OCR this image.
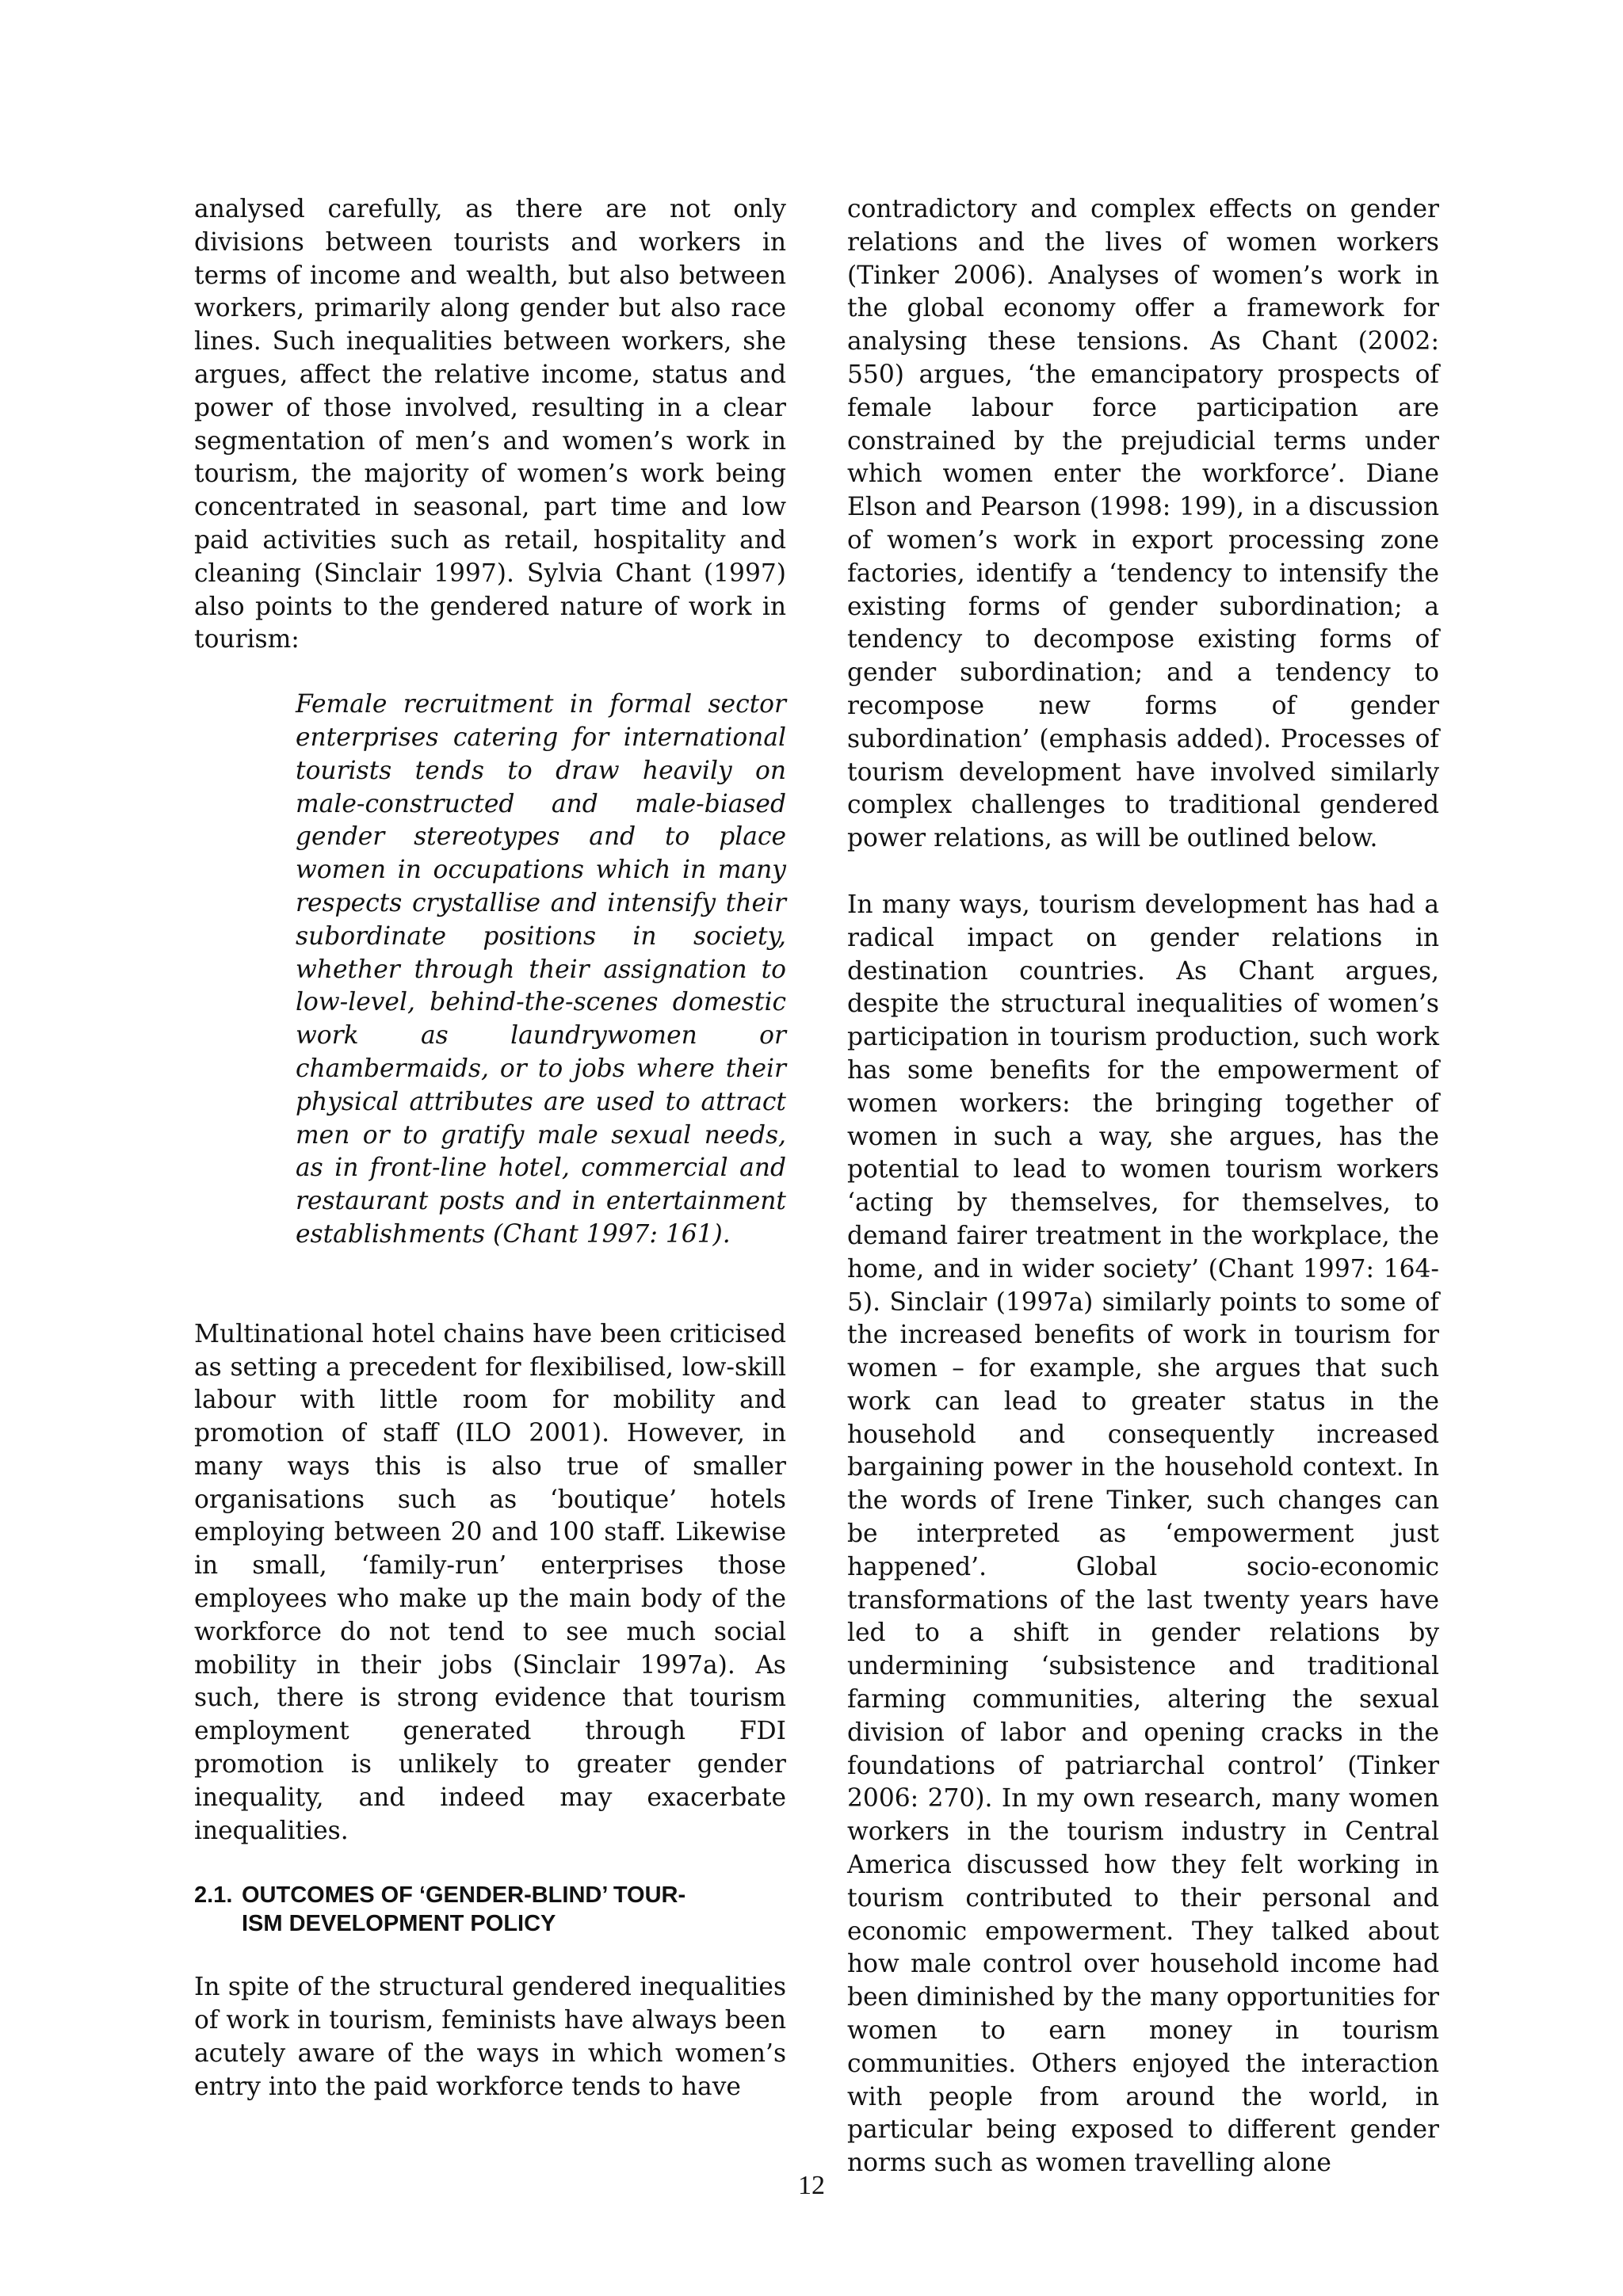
analysed carefully, as there are not only divisions between tourists and workers in terms of income and wealth, but also between workers, primarily along gender but also race lines. Such inequalities between workers, she argues, affect the relative income, status and power of those involved, resulting in a clear segmentation of men’s and women’s work in tourism, the majority of women’s work being concentrated in seasonal, part time and low paid activities such as retail, hospitality and cleaning (Sinclair 1997). Sylvia Chant (1997) also points to the gendered nature of work in tourism:

Female recruitment in formal sector enterprises catering for international tourists tends to draw heavily on male-constructed and male-biased gender stereotypes and to place women in occupations which in many respects crystallise and intensify their subordinate positions in society, whether through their assignation to low-level, behind-the-scenes domestic work as laundrywomen or chambermaids, or to jobs where their physical attributes are used to attract men or to gratify male sexual needs, as in front-line hotel, commercial and restaurant posts and in entertainment establishments (Chant 1997: 161).

Multinational hotel chains have been criticised as setting a precedent for flexibilised, low-skill labour with little room for mobility and promotion of staff (ILO 2001). However, in many ways this is also true of smaller organisations such as ‘boutique’ hotels employing between 20 and 100 staff. Likewise in small, ‘family-run’ enterprises those employees who make up the main body of the workforce do not tend to see much social mobility in their jobs (Sinclair 1997a). As such, there is strong evidence that tourism employment generated through FDI promotion is unlikely to greater gender inequality, and indeed may exacerbate inequalities.

2.1. OUTCOMES OF ‘GENDER-BLIND’ TOUR-
ISM DEVELOPMENT POLICY

In spite of the structural gendered inequalities of work in tourism, feminists have always been acutely aware of the ways in which women’s entry into the paid workforce tends to have

contradictory and complex effects on gender relations and the lives of women workers (Tinker 2006). Analyses of women’s work in the global economy offer a framework for analysing these tensions. As Chant (2002: 550) argues, ‘the emancipatory prospects of female labour force participation are constrained by the prejudicial terms under which women enter the workforce’. Diane Elson and Pearson (1998: 199), in a discussion of women’s work in export processing zone factories, identify a ‘tendency to intensify the existing forms of gender subordination; a tendency to decompose existing forms of gender subordination; and a tendency to recompose new forms of gender subordination’ (emphasis added). Processes of tourism development have involved similarly complex challenges to traditional gendered power relations, as will be outlined below.

In many ways, tourism development has had a radical impact on gender relations in destination countries. As Chant argues, despite the structural inequalities of women’s participation in tourism production, such work has some benefits for the empowerment of women workers: the bringing together of women in such a way, she argues, has the potential to lead to women tourism workers ‘acting by themselves, for themselves, to demand fairer treatment in the workplace, the home, and in wider society’ (Chant 1997: 164-5). Sinclair (1997a) similarly points to some of the increased benefits of work in tourism for women – for example, she argues that such work can lead to greater status in the household and consequently increased bargaining power in the household context. In the words of Irene Tinker, such changes can be interpreted as ‘empowerment just happened’. Global socio-economic transformations of the last twenty years have led to a shift in gender relations by undermining ‘subsistence and traditional farming communities, altering the sexual division of labor and opening cracks in the foundations of patriarchal control’ (Tinker 2006: 270). In my own research, many women workers in the tourism industry in Central America discussed how they felt working in tourism contributed to their personal and economic empowerment. They talked about how male control over household income had been diminished by the many opportunities for women to earn money in tourism communities. Others enjoyed the interaction with people from around the world, in particular being exposed to different gender norms such as women travelling alone

12
